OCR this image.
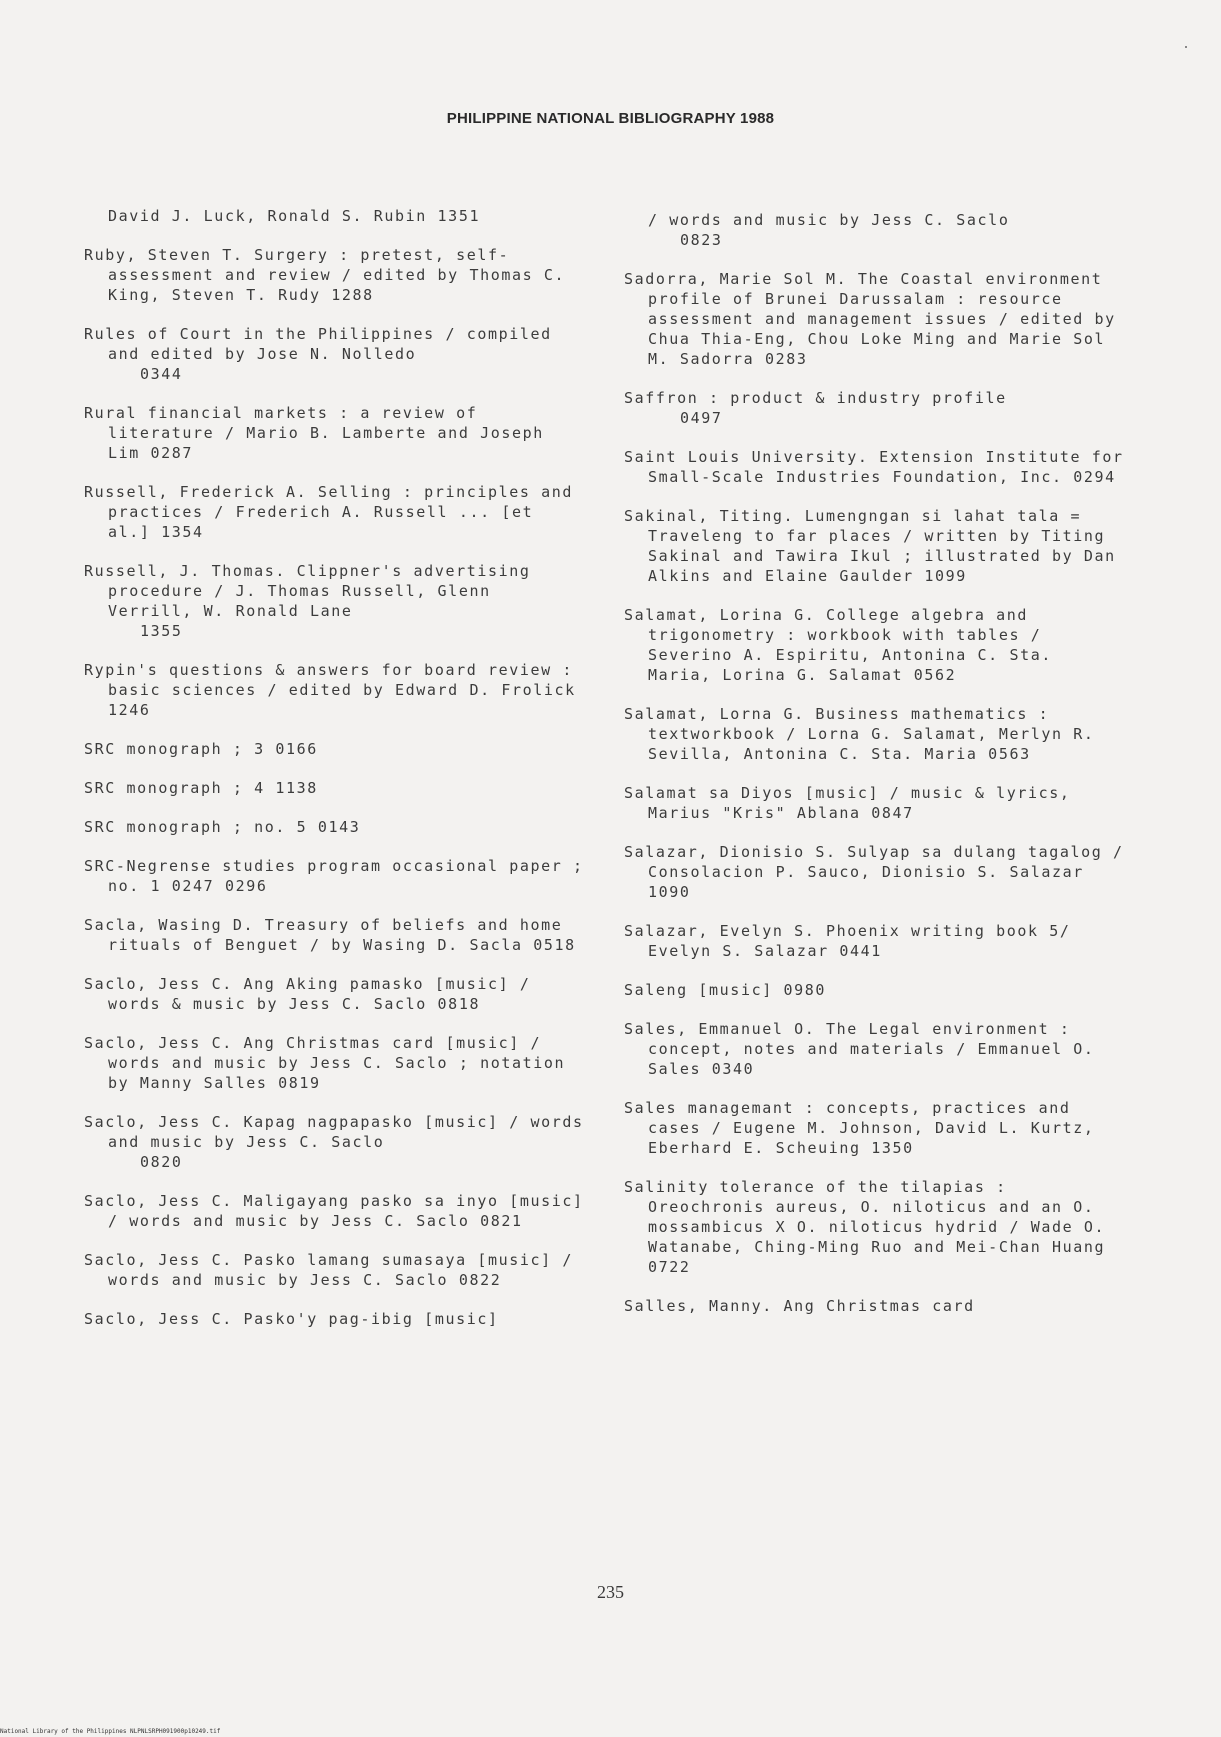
PHILIPPINE NATIONAL BIBLIOGRAPHY 1988
David J. Luck, Ronald S. Rubin 1351
Ruby, Steven T. Surgery : pretest, self-assessment and review / edited by Thomas C. King, Steven T. Rudy 1288
Rules of Court in the Philippines / compiled and edited by Jose N. Nolledo
0344
Rural financial markets : a review of literature / Mario B. Lamberte and Joseph Lim 0287
Russell, Frederick A. Selling : principles and practices / Frederich A. Russell ... [et al.] 1354
Russell, J. Thomas. Clippner's advertising procedure / J. Thomas Russell, Glenn Verrill, W. Ronald Lane
1355
Rypin's questions & answers for board review : basic sciences / edited by Edward D. Frolick 1246
SRC monograph ; 3 0166
SRC monograph ; 4 1138
SRC monograph ; no. 5 0143
SRC-Negrense studies program occasional paper ; no. 1 0247 0296
Sacla, Wasing D. Treasury of beliefs and home rituals of Benguet / by Wasing D. Sacla 0518
Saclo, Jess C. Ang Aking pamasko [music] / words & music by Jess C. Saclo 0818
Saclo, Jess C. Ang Christmas card [music] / words and music by Jess C. Saclo ; notation by Manny Salles 0819
Saclo, Jess C. Kapag nagpapasko [music] / words and music by Jess C. Saclo
0820
Saclo, Jess C. Maligayang pasko sa inyo [music] / words and music by Jess C. Saclo 0821
Saclo, Jess C. Pasko lamang sumasaya [music] / words and music by Jess C. Saclo 0822
Saclo, Jess C. Pasko'y pag-ibig [music]
/ words and music by Jess C. Saclo
0823
Sadorra, Marie Sol M. The Coastal environment profile of Brunei Darussalam : resource assessment and management issues / edited by Chua Thia-Eng, Chou Loke Ming and Marie Sol M. Sadorra 0283
Saffron : product & industry profile
0497
Saint Louis University. Extension Institute for Small-Scale Industries Foundation, Inc. 0294
Sakinal, Titing. Lumengngan si lahat tala = Traveleng to far places / written by Titing Sakinal and Tawira Ikul ; illustrated by Dan Alkins and Elaine Gaulder 1099
Salamat, Lorina G. College algebra and trigonometry : workbook with tables / Severino A. Espiritu, Antonina C. Sta. Maria, Lorina G. Salamat 0562
Salamat, Lorna G. Business mathematics : textworkbook / Lorna G. Salamat, Merlyn R. Sevilla, Antonina C. Sta. Maria 0563
Salamat sa Diyos [music] / music & lyrics, Marius "Kris" Ablana 0847
Salazar, Dionisio S. Sulyap sa dulang tagalog / Consolacion P. Sauco, Dionisio S. Salazar 1090
Salazar, Evelyn S. Phoenix writing book 5/ Evelyn S. Salazar 0441
Saleng [music] 0980
Sales, Emmanuel O. The Legal environment : concept, notes and materials / Emmanuel O. Sales 0340
Sales managemant : concepts, practices and cases / Eugene M. Johnson, David L. Kurtz, Eberhard E. Scheuing 1350
Salinity tolerance of the tilapias : Oreochronis aureus, O. niloticus and an O. mossambicus X O. niloticus hydrid / Wade O. Watanabe, Ching-Ming Ruo and Mei-Chan Huang 0722
Salles, Manny. Ang Christmas card
235
National Library of the Philippines NLPNLSRPH091900p10249.tif
